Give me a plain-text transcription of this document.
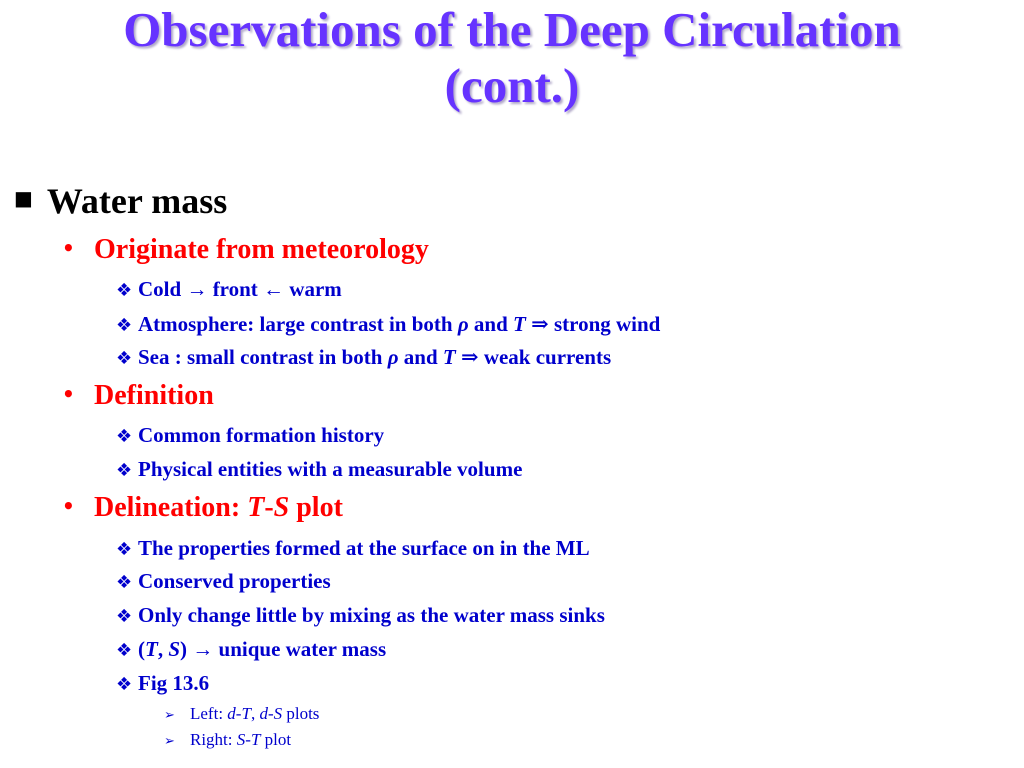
Observations of the Deep Circulation
(cont.)
■ Water mass
• Originate from meteorology
❖ Cold → front ← warm
❖ Atmosphere: large contrast in both ρ and T ⇒ strong wind
❖ Sea : small contrast in both ρ and T ⇒ weak currents
• Definition
❖ Common formation history
❖ Physical entities with a measurable volume
• Delineation: T-S plot
❖ The properties formed at the surface on in the ML
❖ Conserved properties
❖ Only change little by mixing as the water mass sinks
❖ (T, S) → unique water mass
❖ Fig 13.6
➢ Left: d-T, d-S plots
➢ Right: S-T plot
